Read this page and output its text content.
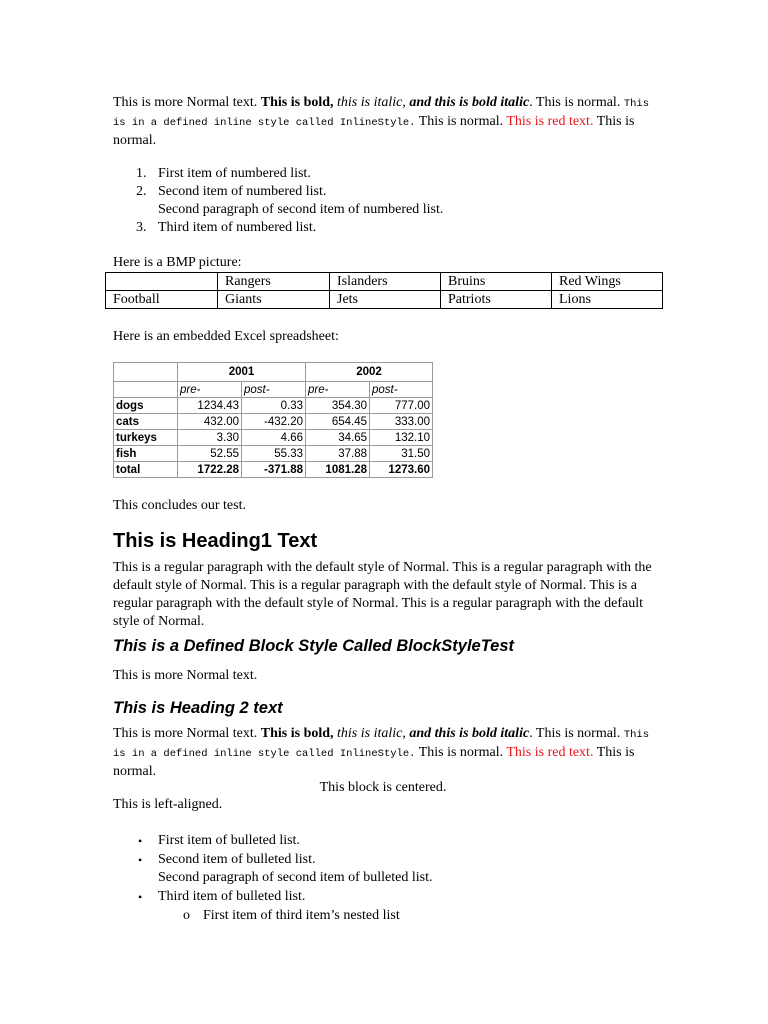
This is more Normal text. This is bold, this is italic, and this is bold italic. This is normal. This is in a defined inline style called InlineStyle. This is normal. This is red text. This is normal.
1. First item of numbered list.
2. Second item of numbered list.
Second paragraph of second item of numbered list.
3. Third item of numbered list.
Here is a BMP picture:
	Rangers	Islanders	Bruins	Red Wings
Football	Giants	Jets	Patriots	Lions
Here is an embedded Excel spreadsheet:
	2001		2002	
	pre-	post-	pre-	post-
dogs	1234.43	0.33	354.30	777.00
cats	432.00	-432.20	654.45	333.00
turkeys	3.30	4.66	34.65	132.10
fish	52.55	55.33	37.88	31.50
total	1722.28	-371.88	1081.28	1273.60
This concludes our test.
This is Heading1 Text
This is a regular paragraph with the default style of Normal. This is a regular paragraph with the default style of Normal. This is a regular paragraph with the default style of Normal. This is a regular paragraph with the default style of Normal. This is a regular paragraph with the default style of Normal.
This is a Defined Block Style Called BlockStyleTest
This is more Normal text.
This is Heading 2 text
This is more Normal text. This is bold, this is italic, and this is bold italic. This is normal. This is in a defined inline style called InlineStyle. This is normal. This is red text. This is normal.
This block is centered.
This is left-aligned.
• First item of bulleted list.
• Second item of bulleted list.
Second paragraph of second item of bulleted list.
• Third item of bulleted list.
o First item of third item’s nested list
